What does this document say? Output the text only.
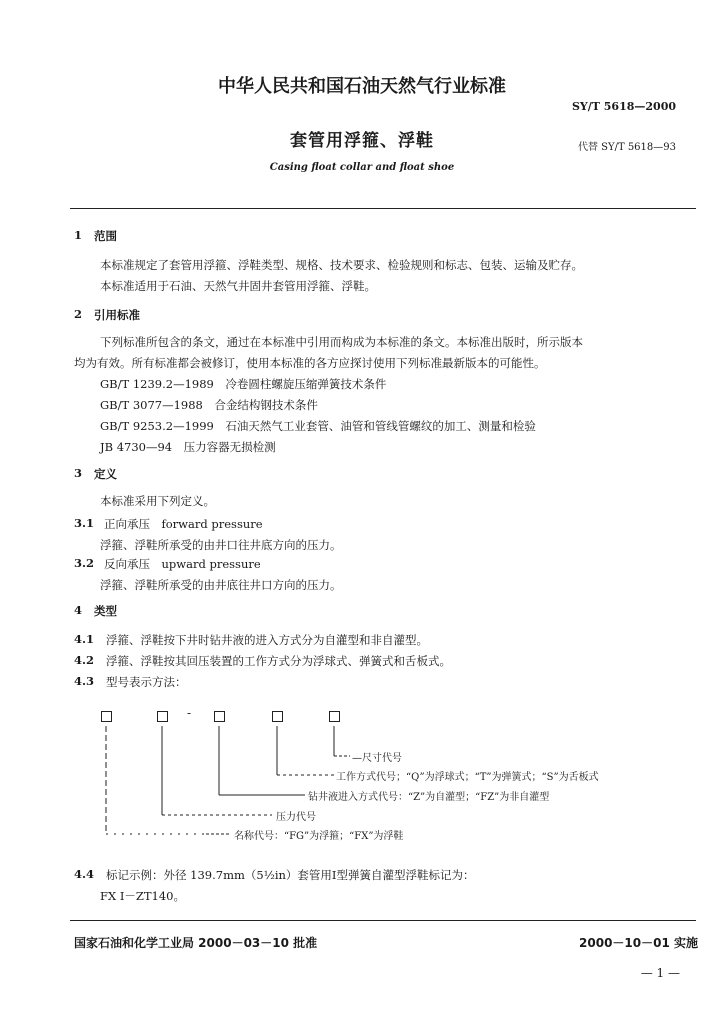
中华人民共和国石油天然气行业标准
SY/T 5618—2000
套管用浮箍、浮鞋	代替 SY/T 5618—93
Casing float collar and float shoe
1 范围
本标准规定了套管用浮箍、浮鞋类型、规格、技术要求、检验规则和标志、包装、运输及贮存。
本标准适用于石油、天然气井固井套管用浮箍、浮鞋。
2 引用标准
下列标准所包含的条文，通过在本标准中引用而构成为本标准的条文。本标准出版时，所示版本
均为有效。所有标准都会被修订，使用本标准的各方应探讨使用下列标准最新版本的可能性。
GB/T 1239.2—1989　冷卷圆柱螺旋压缩弹簧技术条件
GB/T 3077—1988　合金结构钢技术条件
GB/T 9253.2—1999　石油天然气工业套管、油管和管线管螺纹的加工、测量和检验
JB 4730—94　压力容器无损检测
3 定义
本标准采用下列定义。
3.1 正向承压　forward pressure
浮箍、浮鞋所承受的由井口往井底方向的压力。
3.2 反向承压　upward pressure
浮箍、浮鞋所承受的由井底往井口方向的压力。
4 类型
4.1 浮箍、浮鞋按下井时钻井液的进入方式分为自灌型和非自灌型。
4.2 浮箍、浮鞋按其回压装置的工作方式分为浮球式、弹簧式和舌板式。
4.3 型号表示方法：
-
—尺寸代号
工作方式代号；“Q”为浮球式；“T”为弹簧式；“S”为舌板式
钻井液进入方式代号：“Z”为自灌型；“FZ”为非自灌型
压力代号
名称代号：“FG”为浮箍；“FX”为浮鞋
4.4 标记示例：外径 139.7mm（5½in）套管用Ⅰ型弹簧自灌型浮鞋标记为：
FX Ⅰ－ZT140。
国家石油和化学工业局 2000－03－10 批准	2000－10－01 实施
— 1 —
